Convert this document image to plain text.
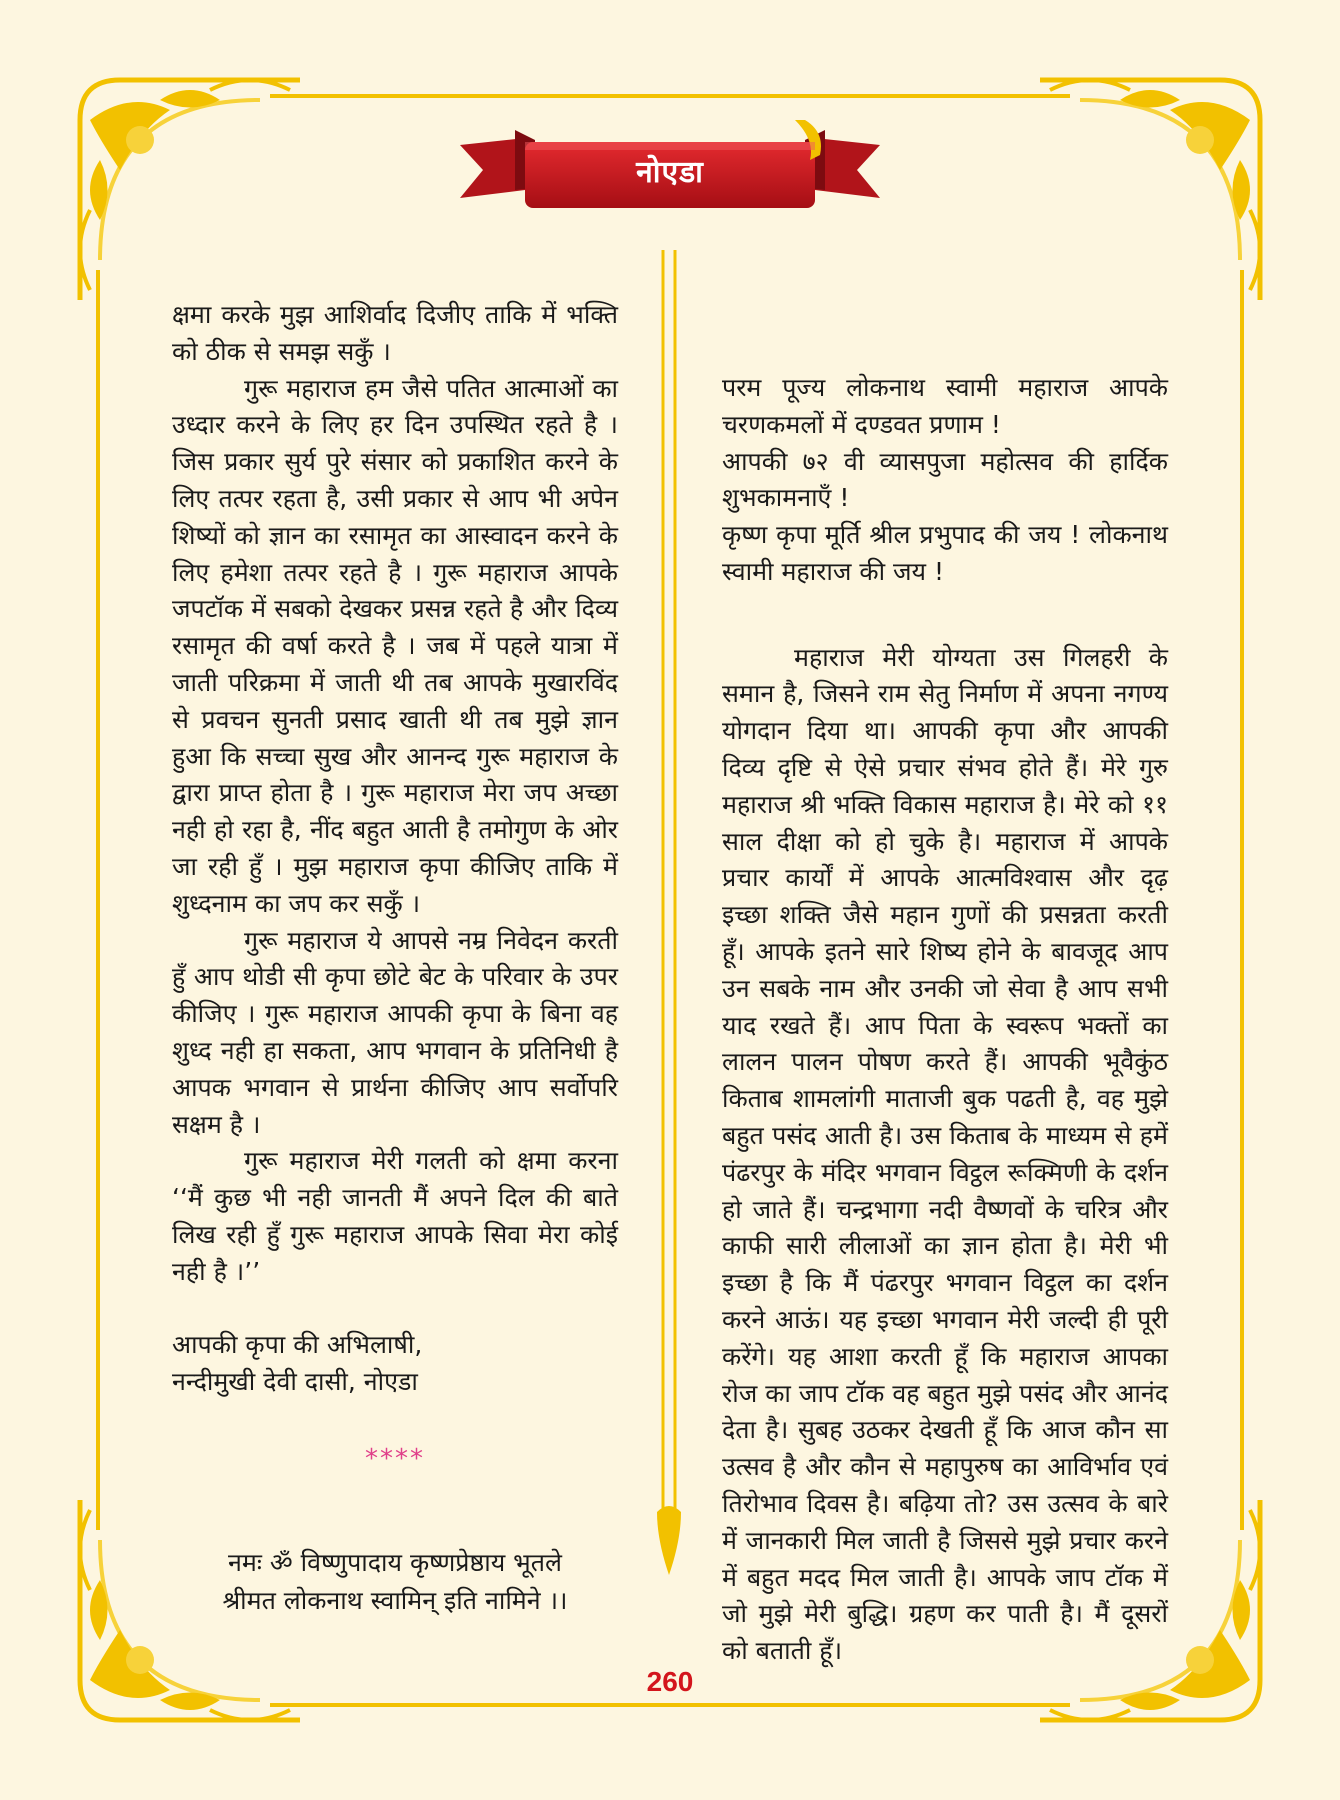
नोएडा

क्षमा करके मुझ आशिर्वाद दिजीए ताकि में भक्ति को ठीक से समझ सकुँ ।

गुरू महाराज हम जैसे पतित आत्माओं का उध्दार करने के लिए हर दिन उपस्थित रहते है । जिस प्रकार सुर्य पुरे संसार को प्रकाशित करने के लिए तत्पर रहता है, उसी प्रकार से आप भी अपेन शिष्यों को ज्ञान का रसामृत का आस्वादन करने के लिए हमेशा तत्पर रहते है । गुरू महाराज आपके जपटॉक में सबको देखकर प्रसन्न रहते है और दिव्य रसामृत की वर्षा करते है । जब में पहले यात्रा में जाती परिक्रमा में जाती थी तब आपके मुखारविंद से प्रवचन सुनती प्रसाद खाती थी तब मुझे ज्ञान हुआ कि सच्चा सुख और आनन्द गुरू महाराज के द्वारा प्राप्त होता है । गुरू महाराज मेरा जप अच्छा नही हो रहा है, नींद बहुत आती है तमोगुण के ओर जा रही हुँ । मुझ महाराज कृपा कीजिए ताकि में शुध्दनाम का जप कर सकुँ ।

गुरू महाराज ये आपसे नम्र निवेदन करती हुँ आप थोडी सी कृपा छोटे बेट के परिवार के उपर कीजिए । गुरू महाराज आपकी कृपा के बिना वह शुध्द नही हा सकता, आप भगवान के प्रतिनिधी है आपक भगवान से प्रार्थना कीजिए आप सर्वोपरि सक्षम है ।

गुरू महाराज मेरी गलती को क्षमा करना ‘‘मैं कुछ भी नही जानती मैं अपने दिल की बाते लिख रही हुँ गुरू महाराज आपके सिवा मेरा कोई नही है ।’’

आपकी कृपा की अभिलाषी,

नन्दीमुखी देवी दासी, नोएडा

****
नमः ॐ विष्णुपादाय कृष्णप्रेष्ठाय भूतले
श्रीमत लोकनाथ स्वामिन् इति नामिने ।।

परम पूज्य लोकनाथ स्वामी महाराज आपके चरणकमलों में दण्डवत प्रणाम !

आपकी ७२ वी व्यासपुजा महोत्सव की हार्दिक शुभकामनाएँ !

कृष्ण कृपा मूर्ति श्रील प्रभुपाद की जय ! लोकनाथ स्वामी महाराज की जय !

महाराज मेरी योग्यता उस गिलहरी के समान है, जिसने राम सेतु निर्माण में अपना नगण्य योगदान दिया था। आपकी कृपा और आपकी दिव्य दृष्टि से ऐसे प्रचार संभव होते हैं। मेरे गुरु महाराज श्री भक्ति विकास महाराज है। मेरे को ११ साल दीक्षा को हो चुके है। महाराज में आपके प्रचार कार्यों में आपके आत्मविश्वास और दृढ़ इच्छा शक्ति जैसे महान गुणों की प्रसन्नता करती हूँ। आपके इतने सारे शिष्य होने के बावजूद आप उन सबके नाम और उनकी जो सेवा है आप सभी याद रखते हैं। आप पिता के स्वरूप भक्तों का लालन पालन पोषण करते हैं। आपकी भूवैकुंठ किताब शामलांगी माताजी बुक पढती है, वह मुझे बहुत पसंद आती है। उस किताब के माध्यम से हमें पंढरपुर के मंदिर भगवान विट्ठल रूक्मिणी के दर्शन हो जाते हैं। चन्द्रभागा नदी वैष्णवों के चरित्र और काफी सारी लीलाओं का ज्ञान होता है। मेरी भी इच्छा है कि मैं पंढरपुर भगवान विट्ठल का दर्शन करने आऊं। यह इच्छा भगवान मेरी जल्दी ही पूरी करेंगे। यह आशा करती हूँ कि महाराज आपका रोज का जाप टॉक वह बहुत मुझे पसंद और आनंद देता है। सुबह उठकर देखती हूँ कि आज कौन सा उत्सव है और कौन से महापुरुष का आविर्भाव एवं तिरोभाव दिवस है। बढ़िया तो? उस उत्सव के बारे में जानकारी मिल जाती है जिससे मुझे प्रचार करने में बहुत मदद मिल जाती है। आपके जाप टॉक में जो मुझे मेरी बुद्धि। ग्रहण कर पाती है। मैं दूसरों को बताती हूँ।

260
